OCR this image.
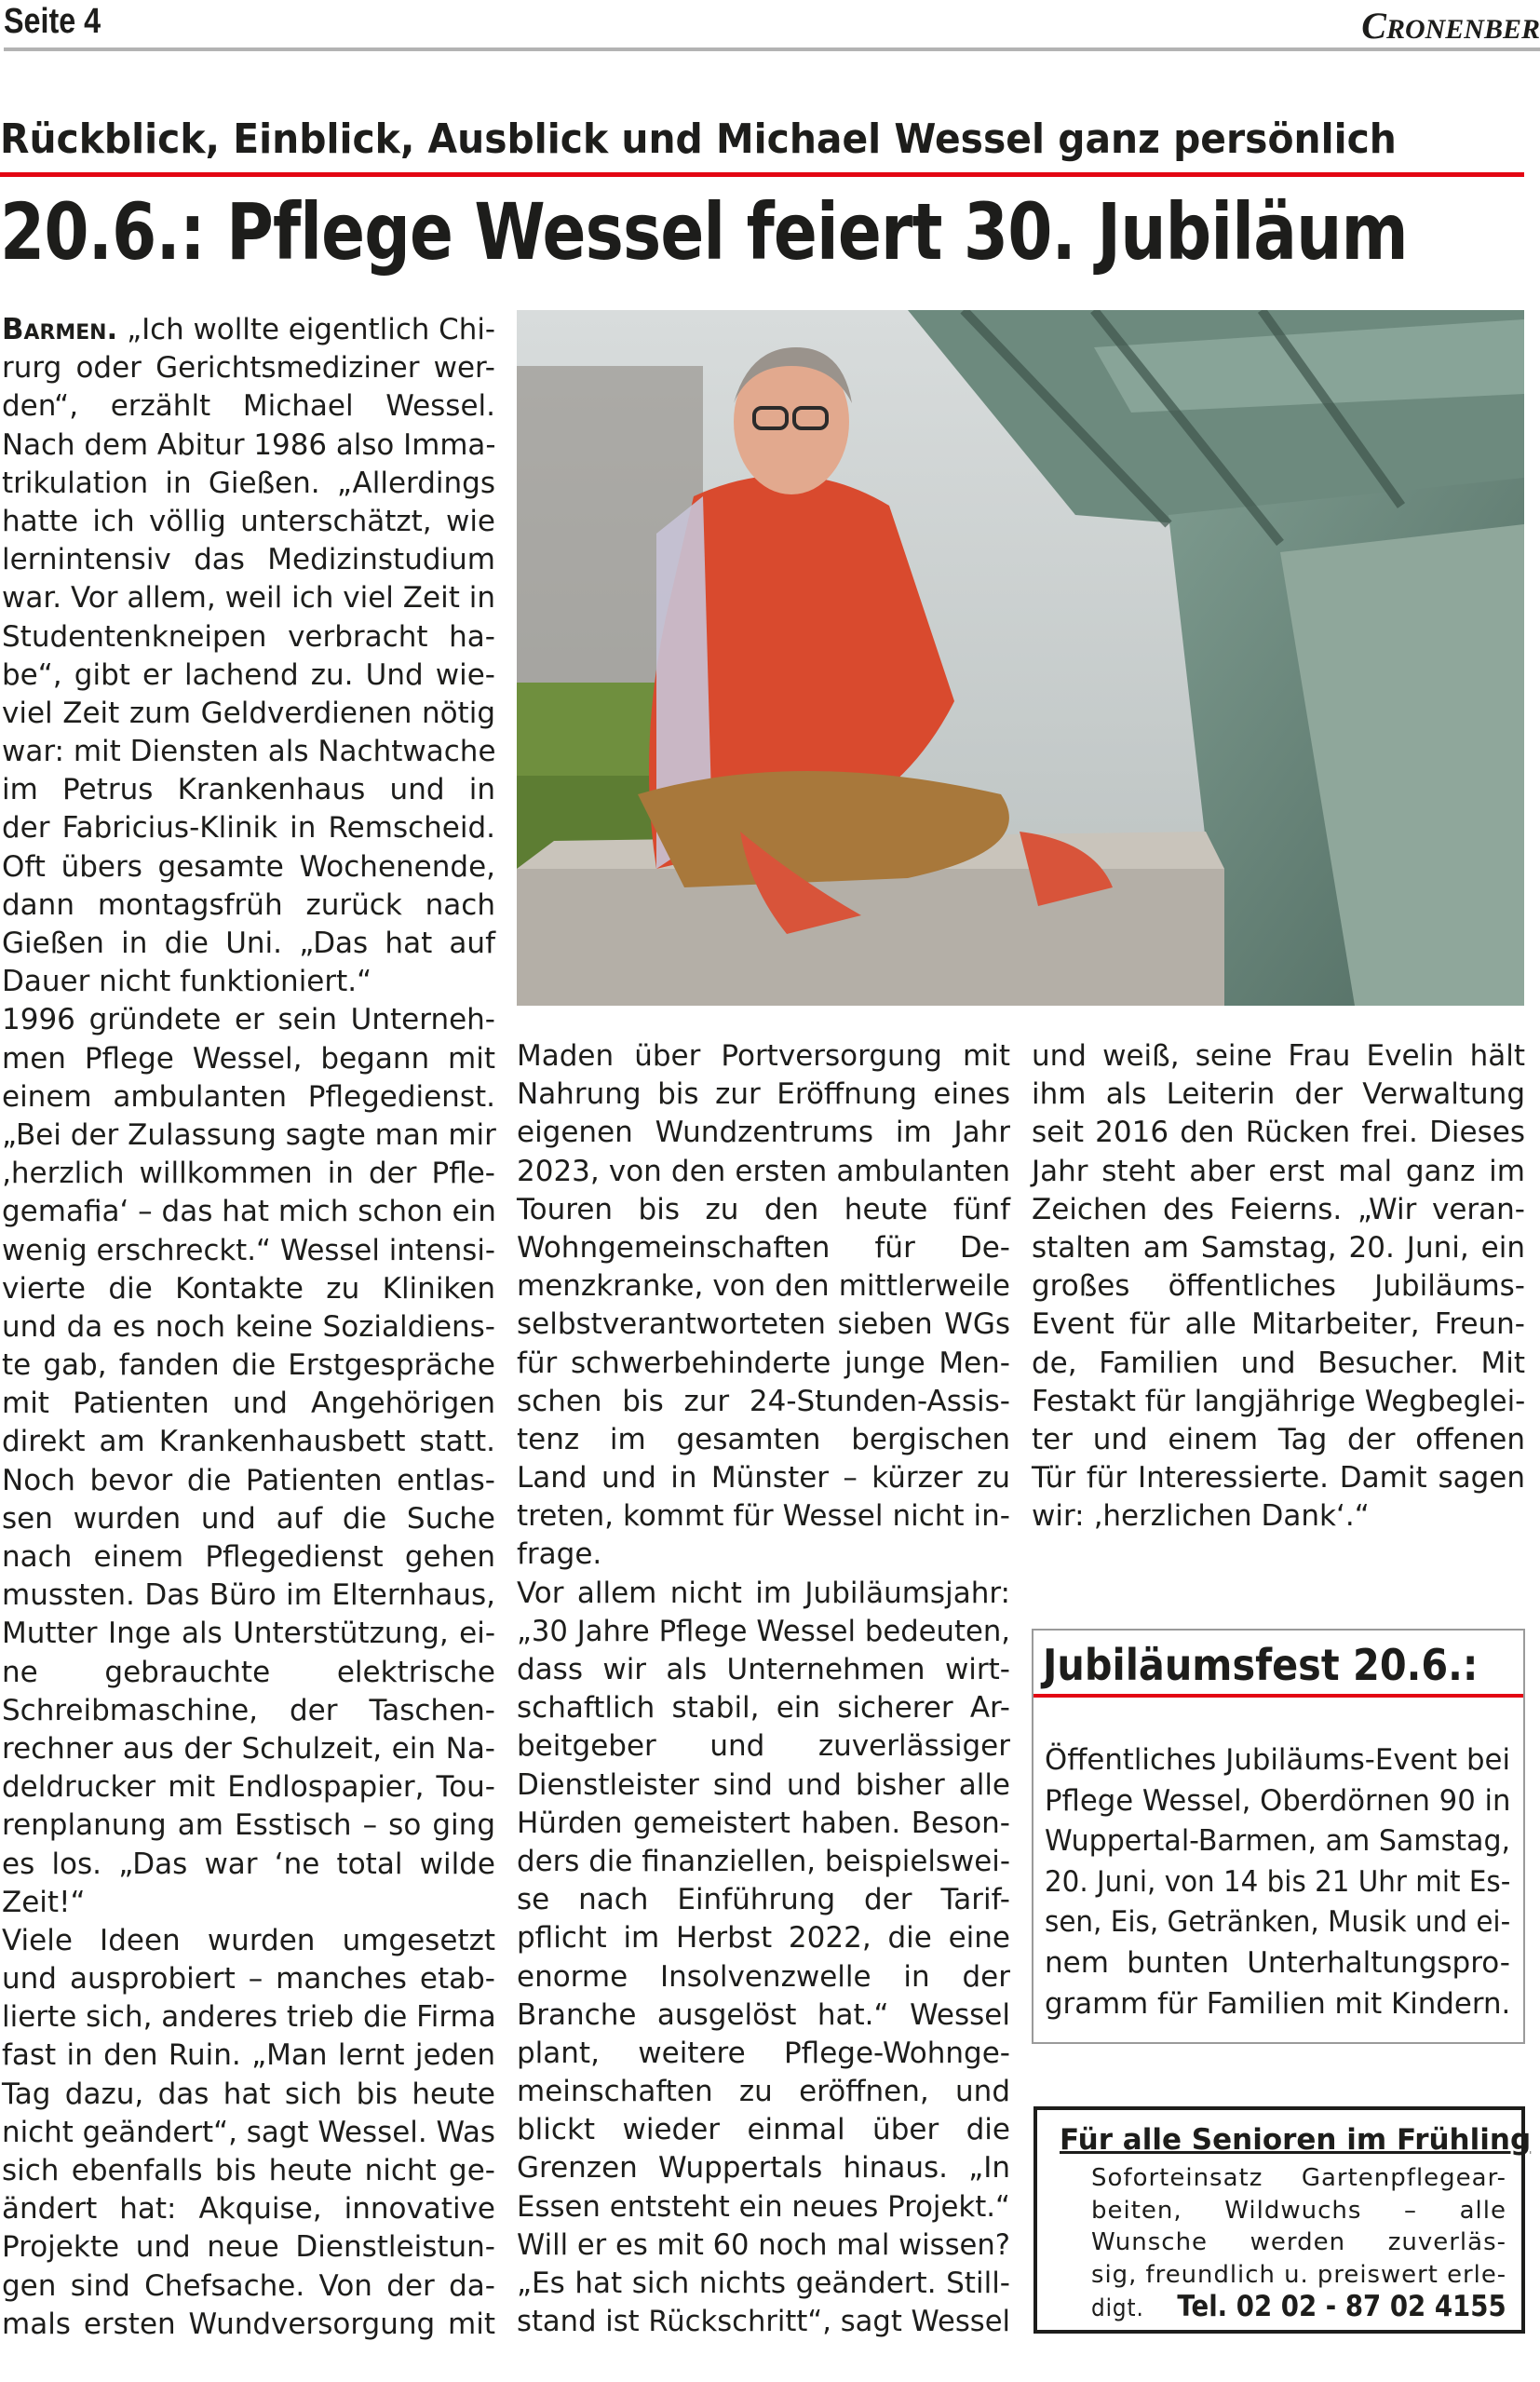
Seite 4	CRONENBER
Rückblick, Einblick, Ausblick und Michael Wessel ganz persönlich
20.6.: Pflege Wessel feiert 30. Jubiläum
Barmen. „Ich wollte eigentlich Chi-
rurg oder Gerichtsmediziner wer-
den“, erzählt Michael Wessel.
Nach dem Abitur 1986 also Imma-
trikulation in Gießen. „Allerdings
hatte ich völlig unterschätzt, wie
lernintensiv das Medizinstudium
war. Vor allem, weil ich viel Zeit in
Studentenkneipen verbracht ha-
be“, gibt er lachend zu. Und wie-
viel Zeit zum Geldverdienen nötig
war: mit Diensten als Nachtwache
im Petrus Krankenhaus und in
der Fabricius-Klinik in Remscheid.
Oft übers gesamte Wochenende,
dann montagsfrüh zurück nach
Gießen in die Uni. „Das hat auf
Dauer nicht funktioniert.“
1996 gründete er sein Unterneh-
men Pflege Wessel, begann mit
einem ambulanten Pflegedienst.
„Bei der Zulassung sagte man mir
‚herzlich willkommen in der Pfle-
gemafia‘ – das hat mich schon ein
wenig erschreckt.“ Wessel intensi-
vierte die Kontakte zu Kliniken
und da es noch keine Sozialdiens-
te gab, fanden die Erstgespräche
mit Patienten und Angehörigen
direkt am Krankenhausbett statt.
Noch bevor die Patienten entlas-
sen wurden und auf die Suche
nach einem Pflegedienst gehen
mussten. Das Büro im Elternhaus,
Mutter Inge als Unterstützung, ei-
ne gebrauchte elektrische
Schreibmaschine, der Taschen-
rechner aus der Schulzeit, ein Na-
deldrucker mit Endlospapier, Tou-
renplanung am Esstisch – so ging
es los. „Das war ‘ne total wilde
Zeit!“
Viele Ideen wurden umgesetzt
und ausprobiert – manches etab-
lierte sich, anderes trieb die Firma
fast in den Ruin. „Man lernt jeden
Tag dazu, das hat sich bis heute
nicht geändert“, sagt Wessel. Was
sich ebenfalls bis heute nicht ge-
ändert hat: Akquise, innovative
Projekte und neue Dienstleistun-
gen sind Chefsache. Von der da-
mals ersten Wundversorgung mit
Maden über Portversorgung mit
Nahrung bis zur Eröffnung eines
eigenen Wundzentrums im Jahr
2023, von den ersten ambulanten
Touren bis zu den heute fünf
Wohngemeinschaften für De-
menzkranke, von den mittlerweile
selbstverantworteten sieben WGs
für schwerbehinderte junge Men-
schen bis zur 24-Stunden-Assis-
tenz im gesamten bergischen
Land und in Münster – kürzer zu
treten, kommt für Wessel nicht in-
frage.
Vor allem nicht im Jubiläumsjahr:
„30 Jahre Pflege Wessel bedeuten,
dass wir als Unternehmen wirt-
schaftlich stabil, ein sicherer Ar-
beitgeber und zuverlässiger
Dienstleister sind und bisher alle
Hürden gemeistert haben. Beson-
ders die finanziellen, beispielswei-
se nach Einführung der Tarif-
pflicht im Herbst 2022, die eine
enorme Insolvenzwelle in der
Branche ausgelöst hat.“ Wessel
plant, weitere Pflege-Wohnge-
meinschaften zu eröffnen, und
blickt wieder einmal über die
Grenzen Wuppertals hinaus. „In
Essen entsteht ein neues Projekt.“
Will er es mit 60 noch mal wissen?
„Es hat sich nichts geändert. Still-
stand ist Rückschritt“, sagt Wessel
und weiß, seine Frau Evelin hält
ihm als Leiterin der Verwaltung
seit 2016 den Rücken frei. Dieses
Jahr steht aber erst mal ganz im
Zeichen des Feierns. „Wir veran-
stalten am Samstag, 20. Juni, ein
großes öffentliches Jubiläums-
Event für alle Mitarbeiter, Freun-
de, Familien und Besucher. Mit
Festakt für langjährige Wegbeglei-
ter und einem Tag der offenen
Tür für Interessierte. Damit sagen
wir: ‚herzlichen Dank‘.“
Jubiläumsfest 20.6.:
Öffentliches Jubiläums-Event bei
Pflege Wessel, Oberdörnen 90 in
Wuppertal-Barmen, am Samstag,
20. Juni, von 14 bis 21 Uhr mit Es-
sen, Eis, Getränken, Musik und ei-
nem bunten Unterhaltungspro-
gramm für Familien mit Kindern.
Für alle Senioren im Frühling
Soforteinsatz Gartenpflegear-
beiten, Wildwuchs – alle
Wunsche werden zuverläs-
sig, freundlich u. preiswert erle-
digt. Tel. 02 02 - 87 02 4155
